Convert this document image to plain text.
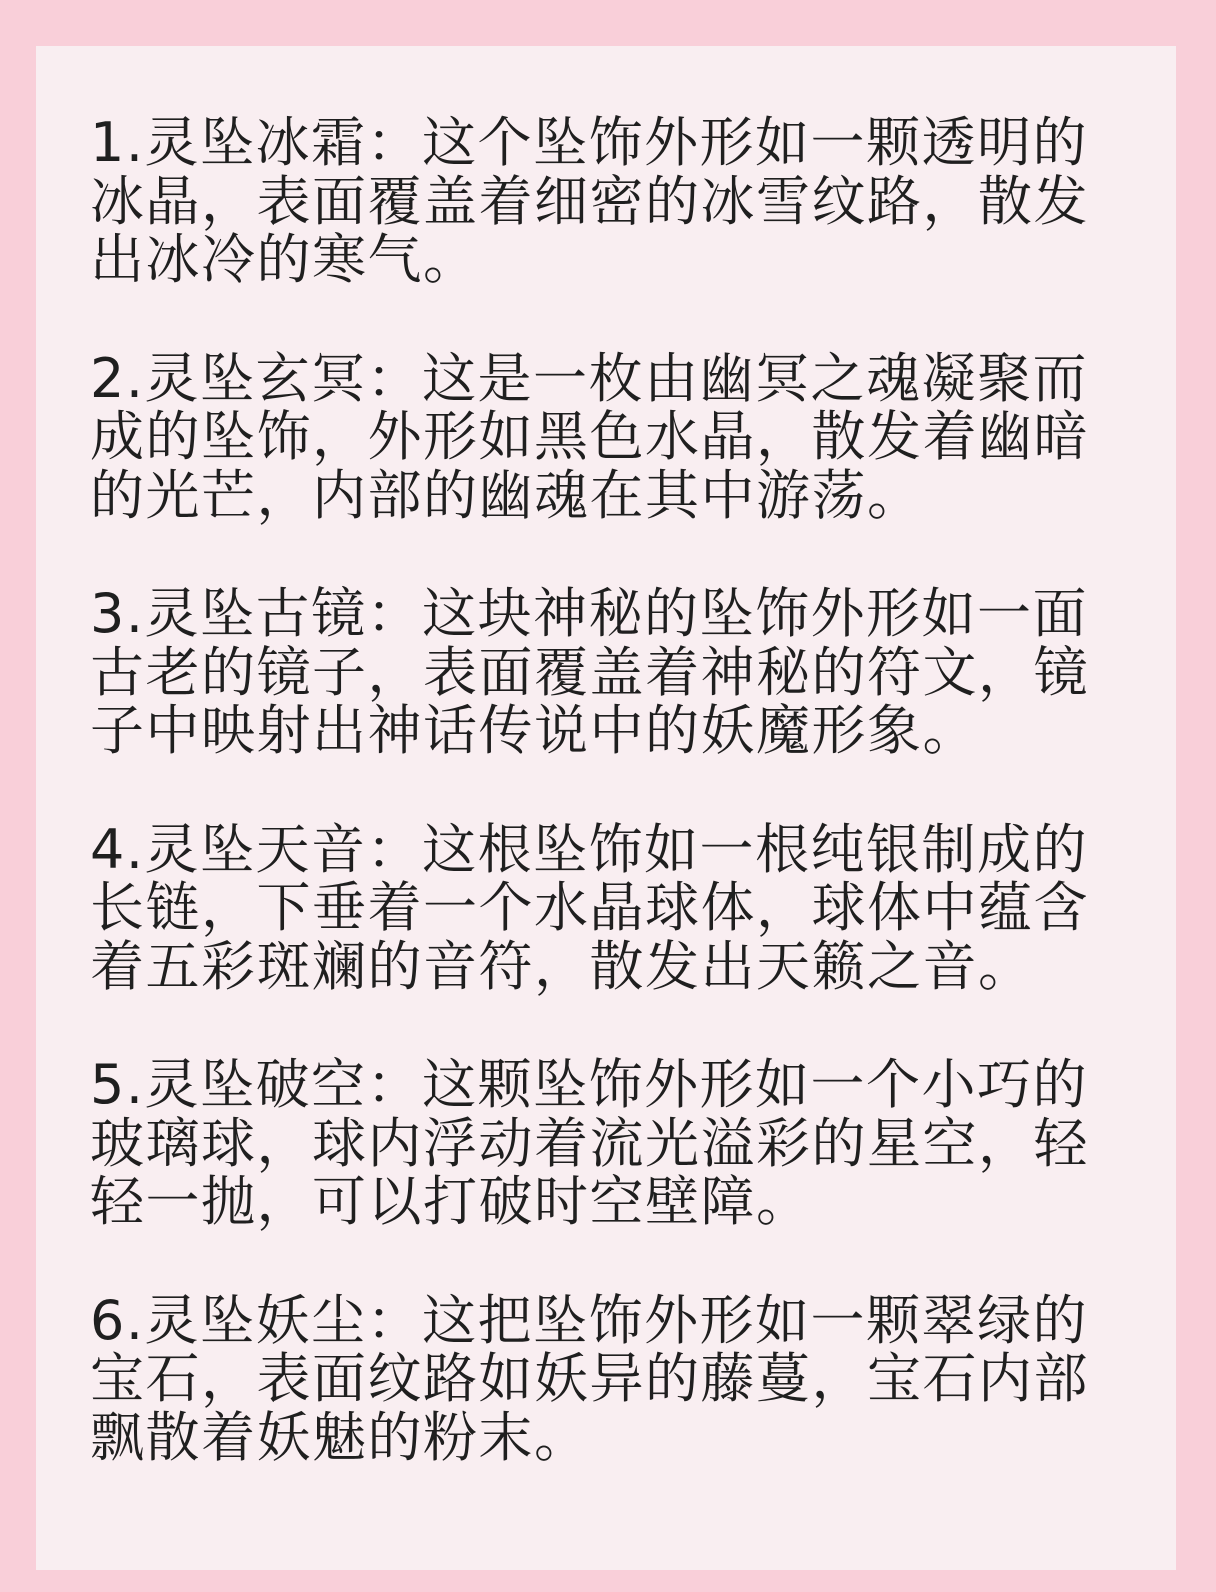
1.灵坠冰霜：这个坠饰外形如一颗透明的冰晶，表面覆盖着细密的冰雪纹路，散发出冰冷的寒气。

2.灵坠玄冥：这是一枚由幽冥之魂凝聚而成的坠饰，外形如黑色水晶，散发着幽暗的光芒，内部的幽魂在其中游荡。

3.灵坠古镜：这块神秘的坠饰外形如一面古老的镜子，表面覆盖着神秘的符文，镜子中映射出神话传说中的妖魔形象。

4.灵坠天音：这根坠饰如一根纯银制成的长链，下垂着一个水晶球体，球体中蕴含着五彩斑斓的音符，散发出天籁之音。

5.灵坠破空：这颗坠饰外形如一个小巧的玻璃球，球内浮动着流光溢彩的星空，轻轻一抛，可以打破时空壁障。

6.灵坠妖尘：这把坠饰外形如一颗翠绿的宝石，表面纹路如妖异的藤蔓，宝石内部飘散着妖魅的粉末。
